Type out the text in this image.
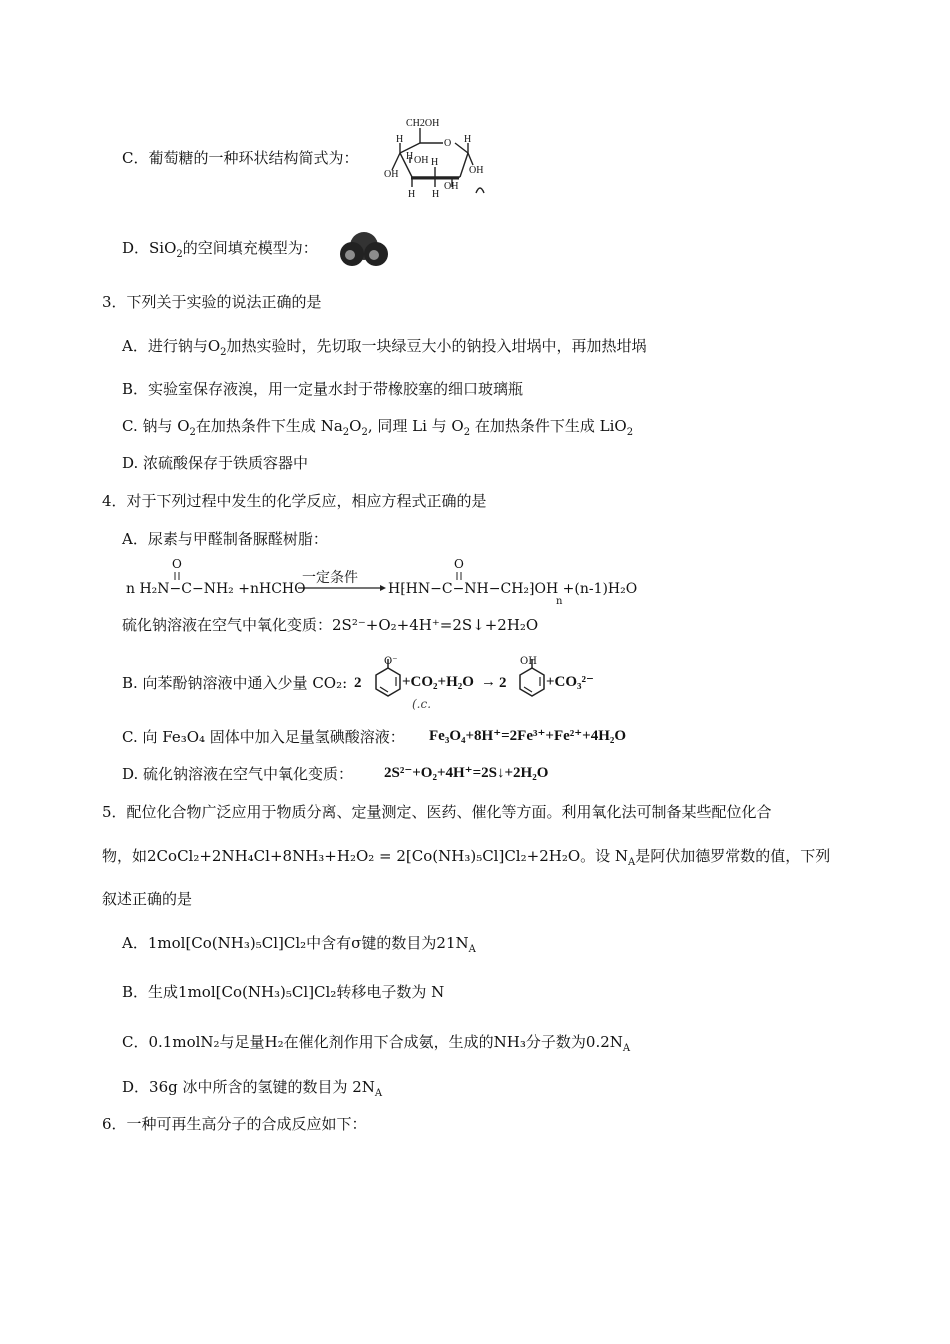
C．葡萄糖的一种环状结构简式为：
CH2OH
O
H	H
H
OH
H
OH
OH
H
OH
H
D．SiO$_2$的空间填充模型为：
3．下列关于实验的说法正确的是
A．进行钠与$O_2$加热实验时，先切取一块绿豆大小的钠投入坩埚中，再加热坩埚
B．实验室保存液溴，用一定量水封于带橡胶塞的细口玻璃瓶
C. 钠与 $O_2$在加热条件下生成 $Na_2O_2$, 同理 Li 与 $O_2$ 在加热条件下生成 LiO$_2$
D. 浓硫酸保存于铁质容器中
4．对于下列过程中发生的化学反应，相应方程式正确的是
A．尿素与甲醛制备脲醛树脂：
O	O
n H₂N−C−NH₂ +nHCHO
一定条件
H⁅HN−C−NH−CH₂⁆OH +(n-1)H₂O
n
硫化钠溶液在空气中氧化变质：2S²⁻+O₂+4H⁺=2S↓+2H₂O
B. 向苯酚钠溶液中通入少量 CO₂: 2
O⁻
+CO₂+H₂O → 2
OH
+CO₃²⁻
(.c.
C. 向 Fe₃O₄ 固体中加入足量氢碘酸溶液： Fe₃O₄+8H⁺=2Fe³⁺+Fe²⁺+4H₂O
D. 硫化钠溶液在空气中氧化变质： 2S²⁻+O₂+4H⁺=2S↓+2H₂O
5．配位化合物广泛应用于物质分离、定量测定、医药、催化等方面。利用氧化法可制备某些配位化合
物，如2CoCl₂+2NH₄Cl+8NH₃+H₂O₂ = 2[Co(NH₃)₅Cl]Cl₂+2H₂O。设 $N_A$是阿伏加德罗常数的值，下列
叙述正确的是
A．1mol[Co(NH₃)₅Cl]Cl₂中含有σ键的数目为$21N_A$
B．生成1mol[Co(NH₃)₅Cl]Cl₂转移电子数为 N
C．0.1molN₂与足量H₂在催化剂作用下合成氨，生成的NH₃分子数为$0.2N_A$
D．36g 冰中所含的氢键的数目为 $2N_A$
6．一种可再生高分子的合成反应如下：
